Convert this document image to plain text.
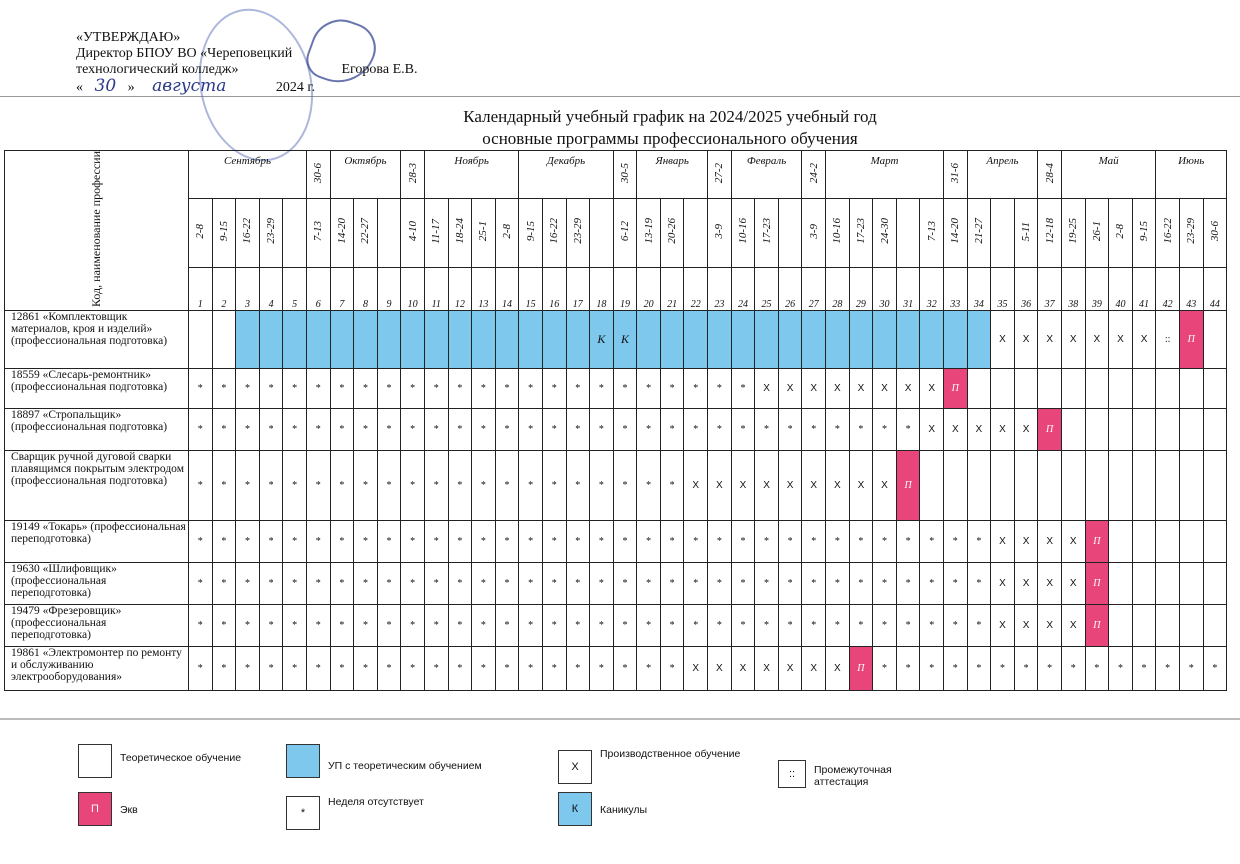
«УТВЕРЖДАЮ»
Директор БПОУ ВО «Череповецкий
технологический колледж»	Егорова Е.В.
« 30 » августа	2024 г.
Календарный учебный график на 2024/2025 учебный год
основные программы профессионального обучения
Код, наименование профессии	Сентябрь					30-6	Октябрь			28-3	Ноябрь				Декабрь				30-5	Январь			27-2	Февраль			24-2	Март					31-6	Апрель			28-4	Май				Июнь		
	2-8	9-15	16-22	23-29		7-13	14-20	22-27		4-10	11-17	18-24	25-1	2-8	9-15	16-22	23-29		6-12	13-19	20-26		3-9	10-16	17-23		3-9	10-16	17-23	24-30		7-13	14-20	21-27		5-11	12-18	19-25	26-1	2-8	9-15	16-22	23-29	30-6
	1	2	3	4	5	6	7	8	9	10	11	12	13	14	15	16	17	18	19	20	21	22	23	24	25	26	27	28	29	30	31	32	33	34	35	36	37	38	39	40	41	42	43	44
12861 «Комплектовщик материалов, кроя и изделий» (профессиональная подготовка)																		К	К																Х	Х	Х	Х	Х	Х	Х	::	П	
18559 «Слесарь-ремонтник» (профессиональная подготовка)	*	*	*	*	*	*	*	*	*	*	*	*	*	*	*	*	*	*	*	*	*	*	*	*	Х	Х	Х	Х	Х	Х	Х	Х	П											
18897 «Стропальщик» (профессиональная подготовка)	*	*	*	*	*	*	*	*	*	*	*	*	*	*	*	*	*	*	*	*	*	*	*	*	*	*	*	*	*	*	*	Х	Х	Х	Х	Х	П							
Сварщик ручной дуговой сварки плавящимся покрытым электродом (профессиональная подготовка)	*	*	*	*	*	*	*	*	*	*	*	*	*	*	*	*	*	*	*	*	*	Х	Х	Х	Х	Х	Х	Х	Х	Х	П													
19149 «Токарь» (профессиональная переподготовка)	*	*	*	*	*	*	*	*	*	*	*	*	*	*	*	*	*	*	*	*	*	*	*	*	*	*	*	*	*	*	*	*	*	*	Х	Х	Х	Х	П					
19630 «Шлифовщик» (профессиональная переподготовка)	*	*	*	*	*	*	*	*	*	*	*	*	*	*	*	*	*	*	*	*	*	*	*	*	*	*	*	*	*	*	*	*	*	*	Х	Х	Х	Х	П					
19479 «Фрезеровщик» (профессиональная переподготовка)	*	*	*	*	*	*	*	*	*	*	*	*	*	*	*	*	*	*	*	*	*	*	*	*	*	*	*	*	*	*	*	*	*	*	Х	Х	Х	Х	П					
19861 «Электромонтер по ремонту и обслуживанию электрооборудования»	*	*	*	*	*	*	*	*	*	*	*	*	*	*	*	*	*	*	*	*	*	Х	Х	Х	Х	Х	Х	Х	П	*	*	*	*	*	*	*	*	*	*	*	*	*	*	*
Теоретическое обучение
УП с теоретическим обучением	Х
Производственное обучение
::	Промежуточная аттестация
П	Экв	*
Неделя отсутствует
К	Каникулы
